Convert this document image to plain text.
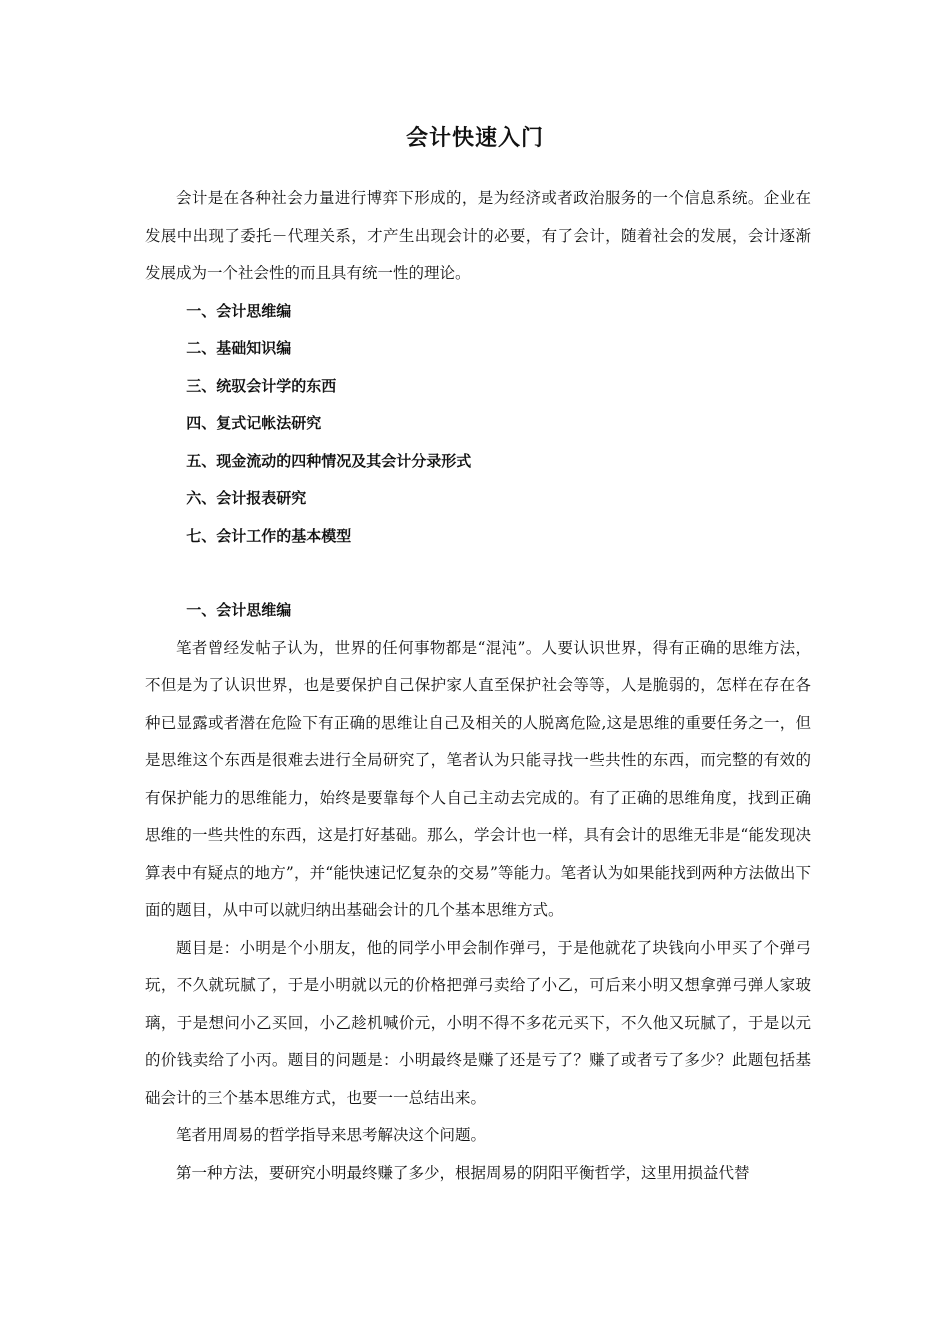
会计快速入门

会计是在各种社会力量进行博弈下形成的，是为经济或者政治服务的一个信息系统。企业在发展中出现了委托－代理关系，才产生出现会计的必要，有了会计，随着社会的发展，会计逐渐发展成为一个社会性的而且具有统一性的理论。

一、会计思维编
二、基础知识编
三、统驭会计学的东西
四、复式记帐法研究
五、现金流动的四种情况及其会计分录形式
六、会计报表研究
七、会计工作的基本模型
一、会计思维编

笔者曾经发帖子认为，世界的任何事物都是“混沌”。人要认识世界，得有正确的思维方法，不但是为了认识世界，也是要保护自己保护家人直至保护社会等等，人是脆弱的，怎样在存在各种已显露或者潜在危险下有正确的思维让自己及相关的人脱离危险,这是思维的重要任务之一，但是思维这个东西是很难去进行全局研究了，笔者认为只能寻找一些共性的东西，而完整的有效的有保护能力的思维能力，始终是要靠每个人自己主动去完成的。有了正确的思维角度，找到正确思维的一些共性的东西，这是打好基础。那么，学会计也一样，具有会计的思维无非是“能发现决算表中有疑点的地方”，并“能快速记忆复杂的交易”等能力。笔者认为如果能找到两种方法做出下面的题目，从中可以就归纳出基础会计的几个基本思维方式。

题目是：小明是个小朋友，他的同学小甲会制作弹弓，于是他就花了块钱向小甲买了个弹弓玩，不久就玩腻了，于是小明就以元的价格把弹弓卖给了小乙，可后来小明又想拿弹弓弹人家玻璃，于是想问小乙买回，小乙趁机喊价元，小明不得不多花元买下，不久他又玩腻了，于是以元的价钱卖给了小丙。题目的问题是：小明最终是赚了还是亏了？赚了或者亏了多少？此题包括基础会计的三个基本思维方式，也要一一总结出来。

笔者用周易的哲学指导来思考解决这个问题。

第一种方法，要研究小明最终赚了多少，根据周易的阴阳平衡哲学，这里用损益代替
